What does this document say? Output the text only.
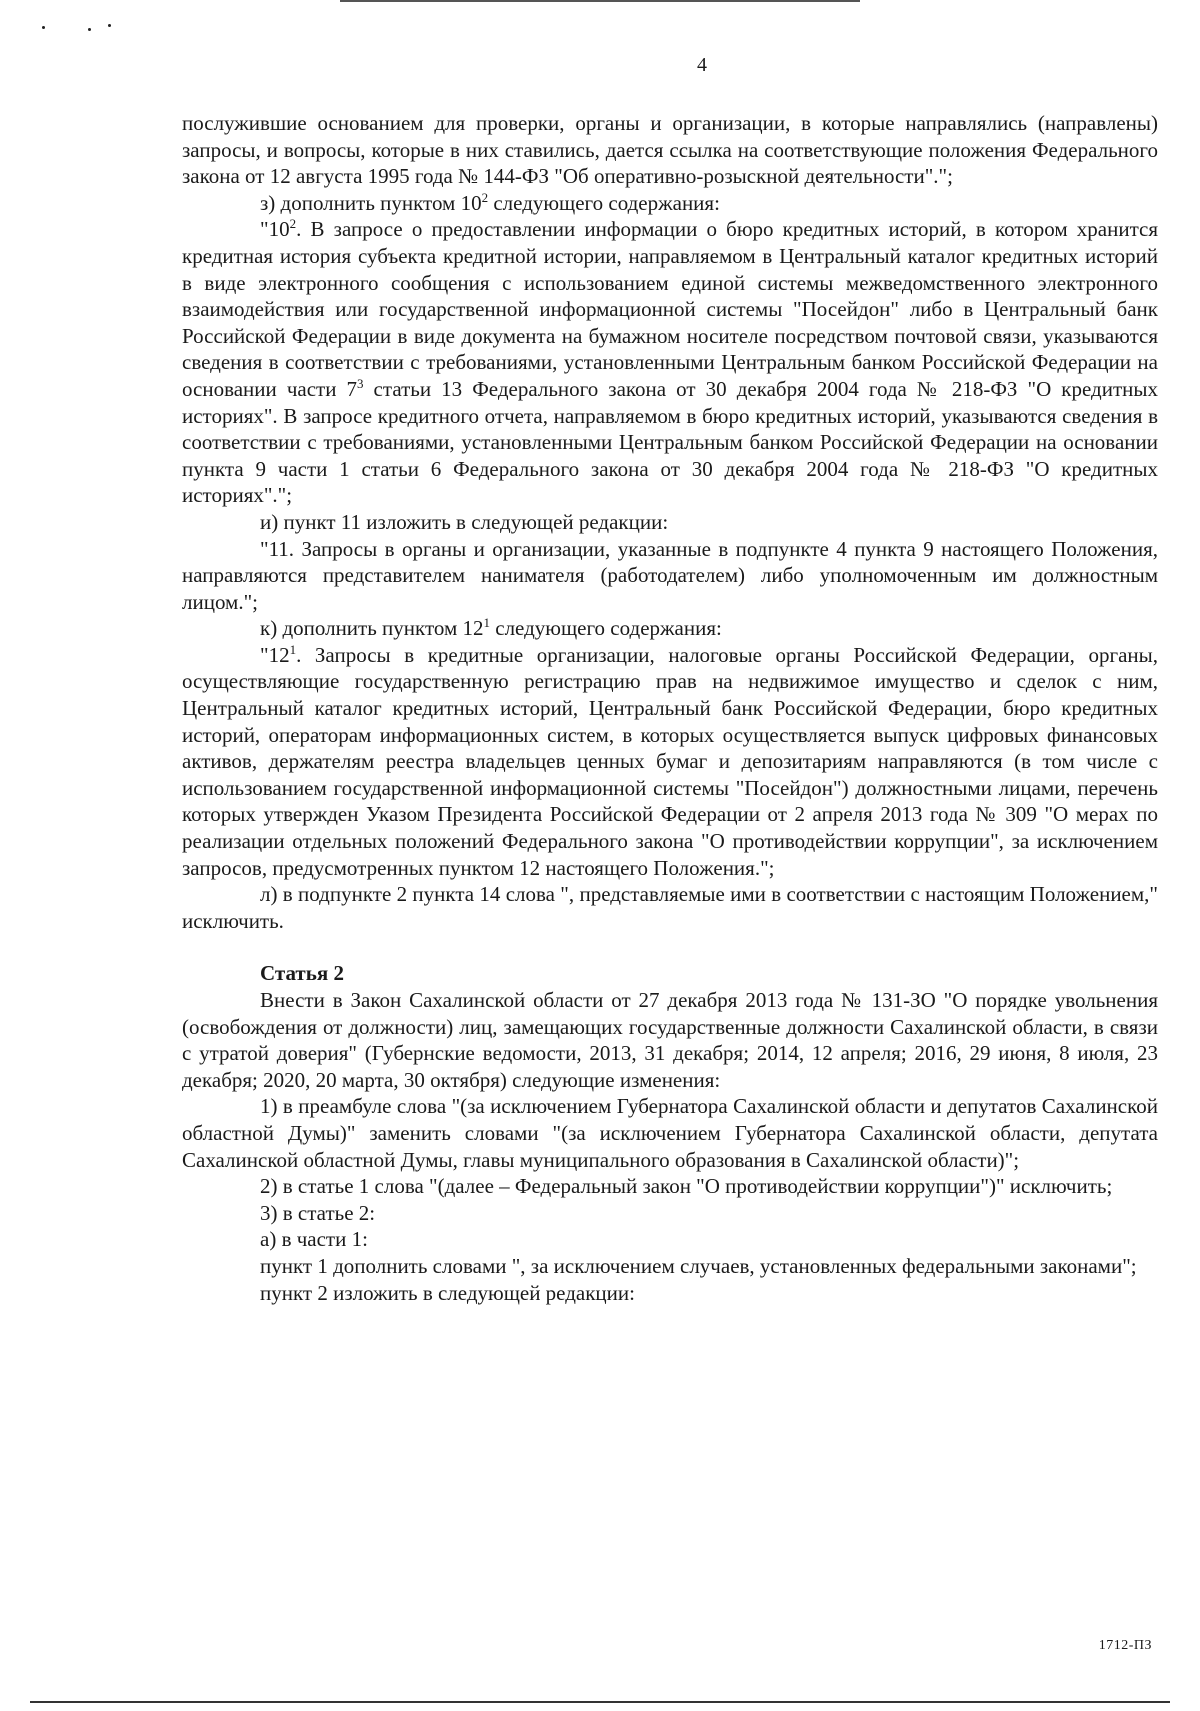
4

послужившие основанием для проверки, органы и организации, в которые направлялись (направлены) запросы, и вопросы, которые в них ставились, дается ссылка на соответствующие положения Федерального закона от 12 августа 1995 года № 144-ФЗ "Об оперативно-розыскной деятельности".";

з) дополнить пунктом $10^2$ следующего содержания:

"$10^2$. В запросе о предоставлении информации о бюро кредитных историй, в котором хранится кредитная история субъекта кредитной истории, направляемом в Центральный каталог кредитных историй в виде электронного сообщения с использованием единой системы межведомственного электронного взаимодействия или государственной информационной системы "Посейдон" либо в Центральный банк Российской Федерации в виде документа на бумажном носителе посредством почтовой связи, указываются сведения в соответствии с требованиями, установленными Центральным банком Российской Федерации на основании части $7^3$ статьи 13 Федерального закона от 30 декабря 2004 года № 218-ФЗ "О кредитных историях". В запросе кредитного отчета, направляемом в бюро кредитных историй, указываются сведения в соответствии с требованиями, установленными Центральным банком Российской Федерации на основании пункта 9 части 1 статьи 6 Федерального закона от 30 декабря 2004 года № 218-ФЗ "О кредитных историях".";

и) пункт 11 изложить в следующей редакции:

"11. Запросы в органы и организации, указанные в подпункте 4 пункта 9 настоящего Положения, направляются представителем нанимателя (работодателем) либо уполномоченным им должностным лицом.";

к) дополнить пунктом $12^1$ следующего содержания:

"$12^1$. Запросы в кредитные организации, налоговые органы Российской Федерации, органы, осуществляющие государственную регистрацию прав на недвижимое имущество и сделок с ним, Центральный каталог кредитных историй, Центральный банк Российской Федерации, бюро кредитных историй, операторам информационных систем, в которых осуществляется выпуск цифровых финансовых активов, держателям реестра владельцев ценных бумаг и депозитариям направляются (в том числе с использованием государственной информационной системы "Посейдон") должностными лицами, перечень которых утвержден Указом Президента Российской Федерации от 2 апреля 2013 года № 309 "О мерах по реализации отдельных положений Федерального закона "О противодействии коррупции", за исключением запросов, предусмотренных пунктом 12 настоящего Положения.";

л) в подпункте 2 пункта 14 слова ", представляемые ими в соответствии с настоящим Положением," исключить.

Статья 2

Внести в Закон Сахалинской области от 27 декабря 2013 года № 131-ЗО "О порядке увольнения (освобождения от должности) лиц, замещающих государственные должности Сахалинской области, в связи с утратой доверия" (Губернские ведомости, 2013, 31 декабря; 2014, 12 апреля; 2016, 29 июня, 8 июля, 23 декабря; 2020, 20 марта, 30 октября) следующие изменения:

1) в преамбуле слова "(за исключением Губернатора Сахалинской области и депутатов Сахалинской областной Думы)" заменить словами "(за исключением Губернатора Сахалинской области, депутата Сахалинской областной Думы, главы муниципального образования в Сахалинской области)";

2) в статье 1 слова "(далее – Федеральный закон "О противодействии коррупции")" исключить;

3) в статье 2:

а) в части 1:

пункт 1 дополнить словами ", за исключением случаев, установленных федеральными законами";

пункт 2 изложить в следующей редакции:

1712-ПЗ
